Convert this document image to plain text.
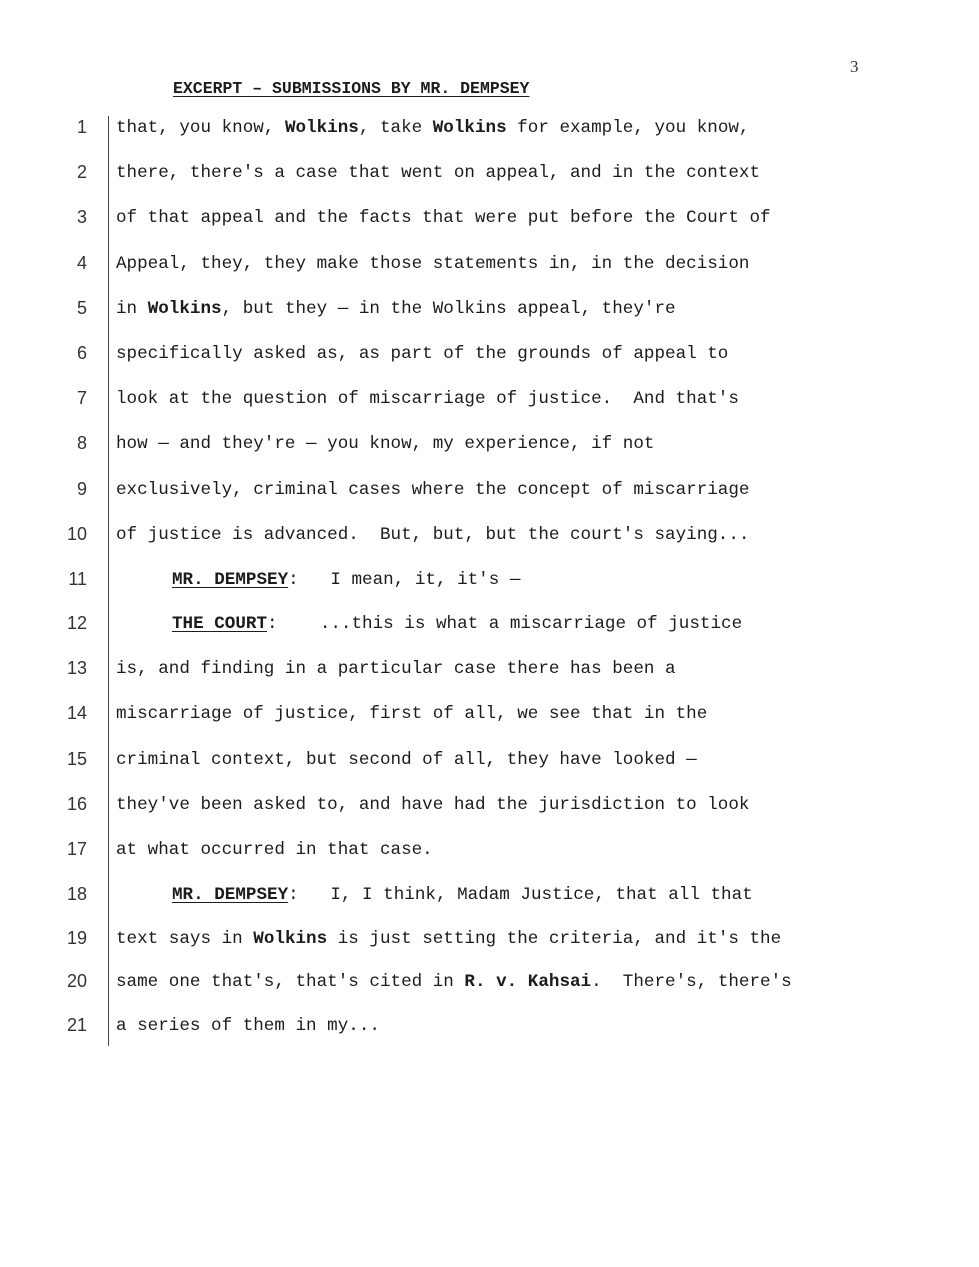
3
EXCERPT – SUBMISSIONS BY MR. DEMPSEY
1 that, you know, Wolkins, take Wolkins for example, you know,
2 there, there's a case that went on appeal, and in the context
3 of that appeal and the facts that were put before the Court of
4 Appeal, they, they make those statements in, in the decision
5 in Wolkins, but they — in the Wolkins appeal, they're
6 specifically asked as, as part of the grounds of appeal to
7 look at the question of miscarriage of justice.  And that's
8 how — and they're — you know, my experience, if not
9 exclusively, criminal cases where the concept of miscarriage
10 of justice is advanced.  But, but, but the court's saying...
11	MR. DEMPSEY:   I mean, it, it's —
12	THE COURT:    ...this is what a miscarriage of justice
13 is, and finding in a particular case there has been a
14 miscarriage of justice, first of all, we see that in the
15 criminal context, but second of all, they have looked —
16 they've been asked to, and have had the jurisdiction to look
17 at what occurred in that case.
18	MR. DEMPSEY:   I, I think, Madam Justice, that all that
19 text says in Wolkins is just setting the criteria, and it's the
20 same one that's, that's cited in R. v. Kahsai.  There's, there's
21 a series of them in my...
